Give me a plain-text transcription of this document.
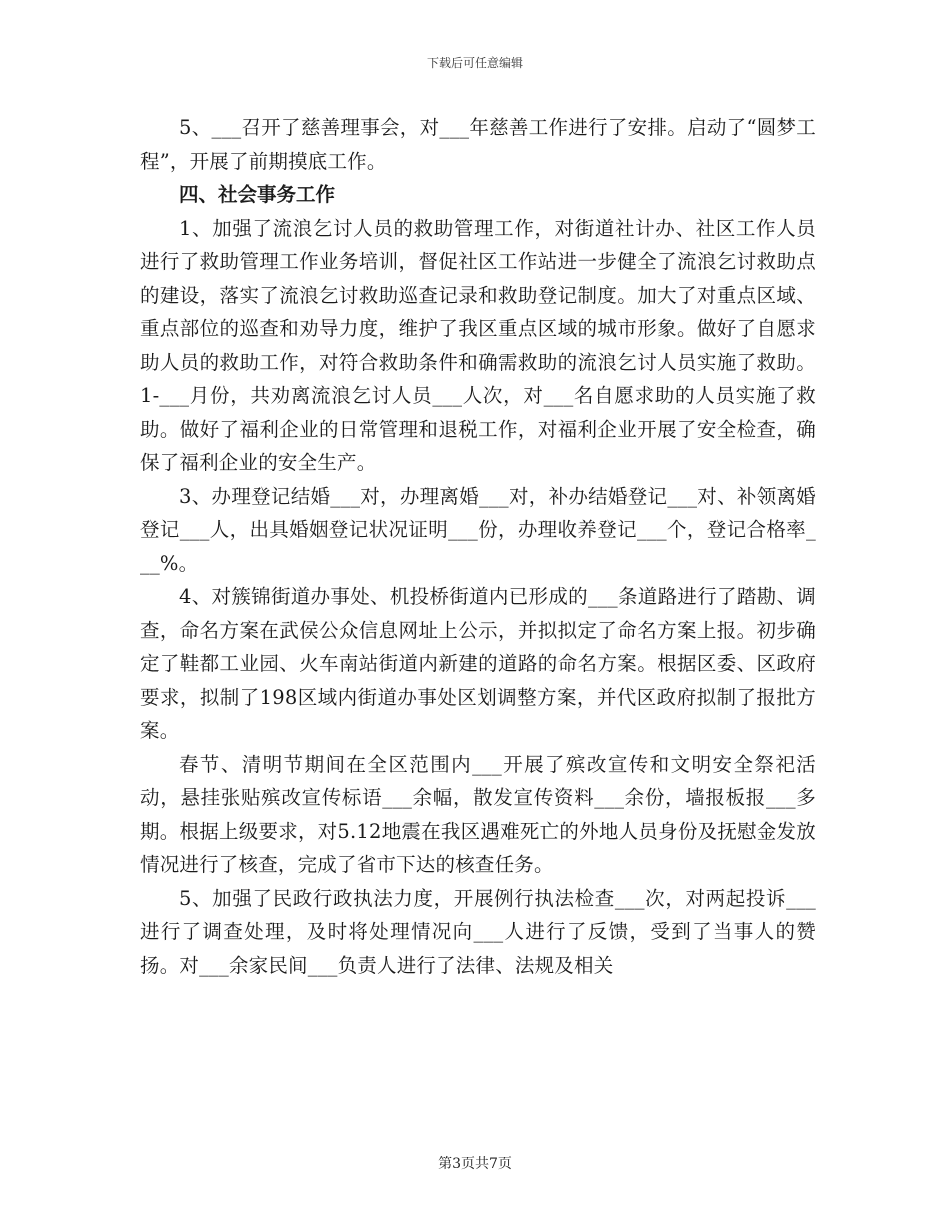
下载后可任意编辑

5、___召开了慈善理事会，对___年慈善工作进行了安排。启动了“圆梦工程”，开展了前期摸底工作。

四、社会事务工作

1、加强了流浪乞讨人员的救助管理工作，对街道社计办、社区工作人员进行了救助管理工作业务培训，督促社区工作站进一步健全了流浪乞讨救助点的建设，落实了流浪乞讨救助巡查记录和救助登记制度。加大了对重点区域、重点部位的巡查和劝导力度，维护了我区重点区域的城市形象。做好了自愿求助人员的救助工作，对符合救助条件和确需救助的流浪乞讨人员实施了救助。1-___月份，共劝离流浪乞讨人员___人次，对___名自愿求助的人员实施了救助。做好了福利企业的日常管理和退税工作，对福利企业开展了安全检查，确保了福利企业的安全生产。

3、办理登记结婚___对，办理离婚___对，补办结婚登记___对、补领离婚登记___人，出具婚姻登记状况证明___份，办理收养登记___个，登记合格率___%。

4、对簇锦街道办事处、机投桥街道内已形成的___条道路进行了踏勘、调查，命名方案在武侯公众信息网址上公示，并拟拟定了命名方案上报。初步确定了鞋都工业园、火车南站街道内新建的道路的命名方案。根据区委、区政府要求，拟制了198区域内街道办事处区划调整方案，并代区政府拟制了报批方案。

春节、清明节期间在全区范围内___开展了殡改宣传和文明安全祭祀活动，悬挂张贴殡改宣传标语___余幅，散发宣传资料___余份，墙报板报___多期。根据上级要求，对5.12地震在我区遇难死亡的外地人员身份及抚慰金发放情况进行了核查，完成了省市下达的核查任务。

5、加强了民政行政执法力度，开展例行执法检查___次，对两起投诉___进行了调查处理，及时将处理情况向___人进行了反馈，受到了当事人的赞扬。对___余家民间___负责人进行了法律、法规及相关

第3页共7页
